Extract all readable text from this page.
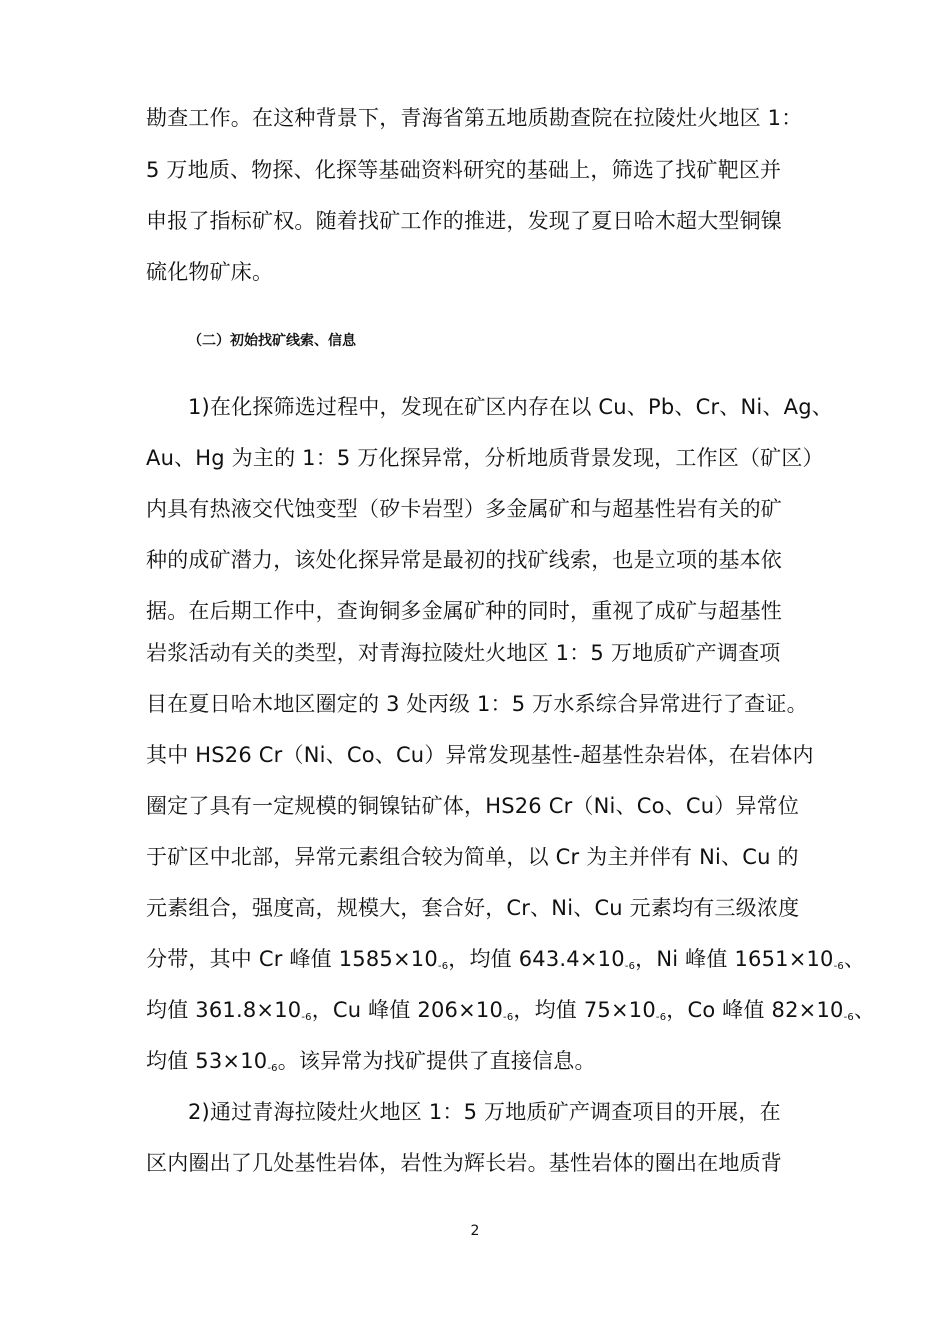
勘查工作。在这种背景下，青海省第五地质勘查院在拉陵灶火地区 1：
5 万地质、物探、化探等基础资料研究的基础上，筛选了找矿靶区并
申报了指标矿权。随着找矿工作的推进，发现了夏日哈木超大型铜镍
硫化物矿床。
（二）初始找矿线索、信息
1)在化探筛选过程中，发现在矿区内存在以 Cu、Pb、Cr、Ni、Ag、
Au、Hg 为主的 1：5 万化探异常，分析地质背景发现，工作区（矿区）
内具有热液交代蚀变型（矽卡岩型）多金属矿和与超基性岩有关的矿
种的成矿潜力，该处化探异常是最初的找矿线索，也是立项的基本依
据。在后期工作中，查询铜多金属矿种的同时，重视了成矿与超基性
岩浆活动有关的类型，对青海拉陵灶火地区 1：5 万地质矿产调查项
目在夏日哈木地区圈定的 3 处丙级 1：5 万水系综合异常进行了查证。
其中 HS26 Cr（Ni、Co、Cu）异常发现基性-超基性杂岩体，在岩体内
圈定了具有一定规模的铜镍钴矿体，HS26 Cr（Ni、Co、Cu）异常位
于矿区中北部，异常元素组合较为简单，以 Cr 为主并伴有 Ni、Cu 的
元素组合，强度高，规模大，套合好，Cr、Ni、Cu 元素均有三级浓度
分带，其中 Cr 峰值 $1585\times 10_{-6}$，均值 $643.4\times 10_{-6}$，Ni 峰值 $1651\times 10_{-6}$、
均值 $361.8\times 10_{-6}$，Cu 峰值 $206\times 10_{-6}$，均值 $75\times 10_{-6}$，Co 峰值 $82\times 10_{-6}$、
均值 $53\times 10_{-6}$。该异常为找矿提供了直接信息。
2)通过青海拉陵灶火地区 1：5 万地质矿产调查项目的开展，在
区内圈出了几处基性岩体，岩性为辉长岩。基性岩体的圈出在地质背
2
